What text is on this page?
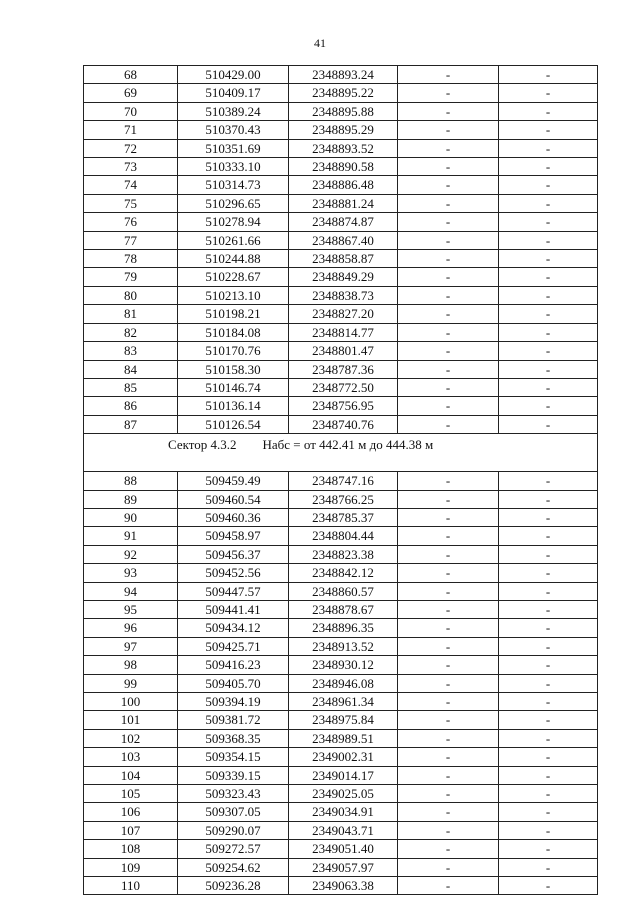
41
68	510429.00	2348893.24	-	-
69	510409.17	2348895.22	-	-
70	510389.24	2348895.88	-	-
71	510370.43	2348895.29	-	-
72	510351.69	2348893.52	-	-
73	510333.10	2348890.58	-	-
74	510314.73	2348886.48	-	-
75	510296.65	2348881.24	-	-
76	510278.94	2348874.87	-	-
77	510261.66	2348867.40	-	-
78	510244.88	2348858.87	-	-
79	510228.67	2348849.29	-	-
80	510213.10	2348838.73	-	-
81	510198.21	2348827.20	-	-
82	510184.08	2348814.77	-	-
83	510170.76	2348801.47	-	-
84	510158.30	2348787.36	-	-
85	510146.74	2348772.50	-	-
86	510136.14	2348756.95	-	-
87	510126.54	2348740.76	-	-
Сектор 4.3.2 Набс = от 442.41 м до 444.38 м				
88	509459.49	2348747.16	-	-
89	509460.54	2348766.25	-	-
90	509460.36	2348785.37	-	-
91	509458.97	2348804.44	-	-
92	509456.37	2348823.38	-	-
93	509452.56	2348842.12	-	-
94	509447.57	2348860.57	-	-
95	509441.41	2348878.67	-	-
96	509434.12	2348896.35	-	-
97	509425.71	2348913.52	-	-
98	509416.23	2348930.12	-	-
99	509405.70	2348946.08	-	-
100	509394.19	2348961.34	-	-
101	509381.72	2348975.84	-	-
102	509368.35	2348989.51	-	-
103	509354.15	2349002.31	-	-
104	509339.15	2349014.17	-	-
105	509323.43	2349025.05	-	-
106	509307.05	2349034.91	-	-
107	509290.07	2349043.71	-	-
108	509272.57	2349051.40	-	-
109	509254.62	2349057.97	-	-
110	509236.28	2349063.38	-	-
